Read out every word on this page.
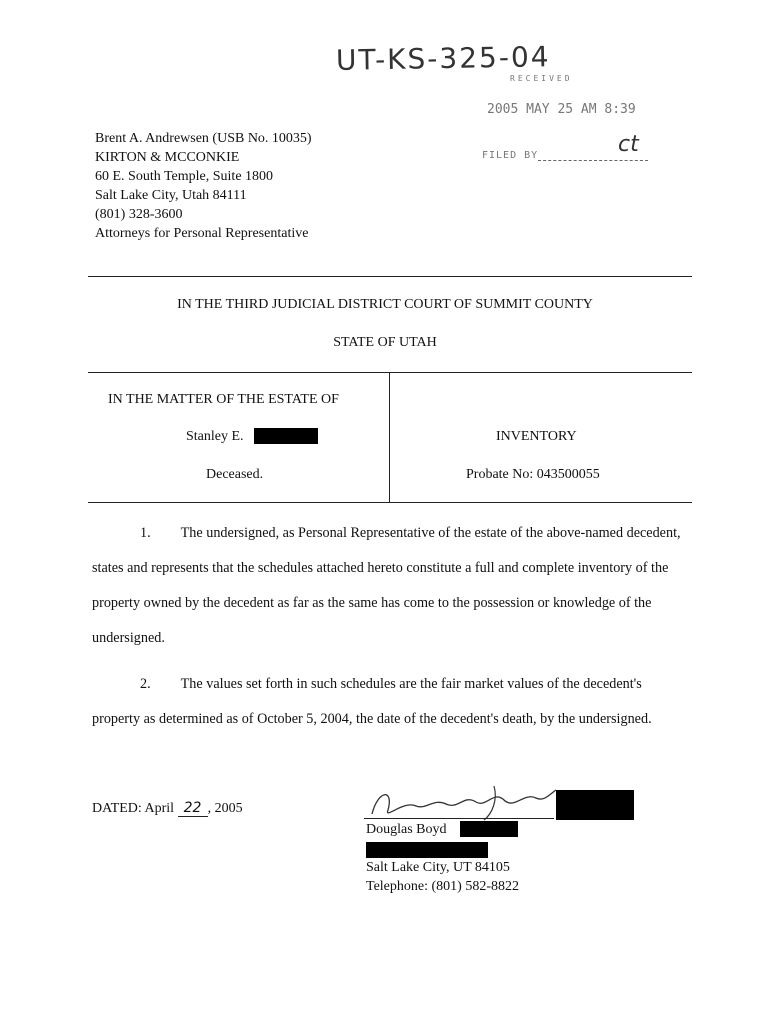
UT-KS-325-04
RECEIVED
2005 MAY 25 AM 8:39
FILED BY	ct
Brent A. Andrewsen (USB No. 10035)
KIRTON & MCCONKIE
60 E. South Temple, Suite 1800
Salt Lake City, Utah 84111
(801) 328-3600
Attorneys for Personal Representative
IN THE THIRD JUDICIAL DISTRICT COURT OF SUMMIT COUNTY
STATE OF UTAH
IN THE MATTER OF THE ESTATE OF
Stanley E.
Deceased.
INVENTORY
Probate No: 043500055
1. The undersigned, as Personal Representative of the estate of the above-named decedent, states and represents that the schedules attached hereto constitute a full and complete inventory of the property owned by the decedent as far as the same has come to the possession or knowledge of the undersigned.
2. The values set forth in such schedules are the fair market values of the decedent's property as determined as of October 5, 2004, the date of the decedent's death, by the undersigned.
DATED: April 22 , 2005
Douglas Boyd
Salt Lake City, UT 84105
Telephone: (801) 582-8822
